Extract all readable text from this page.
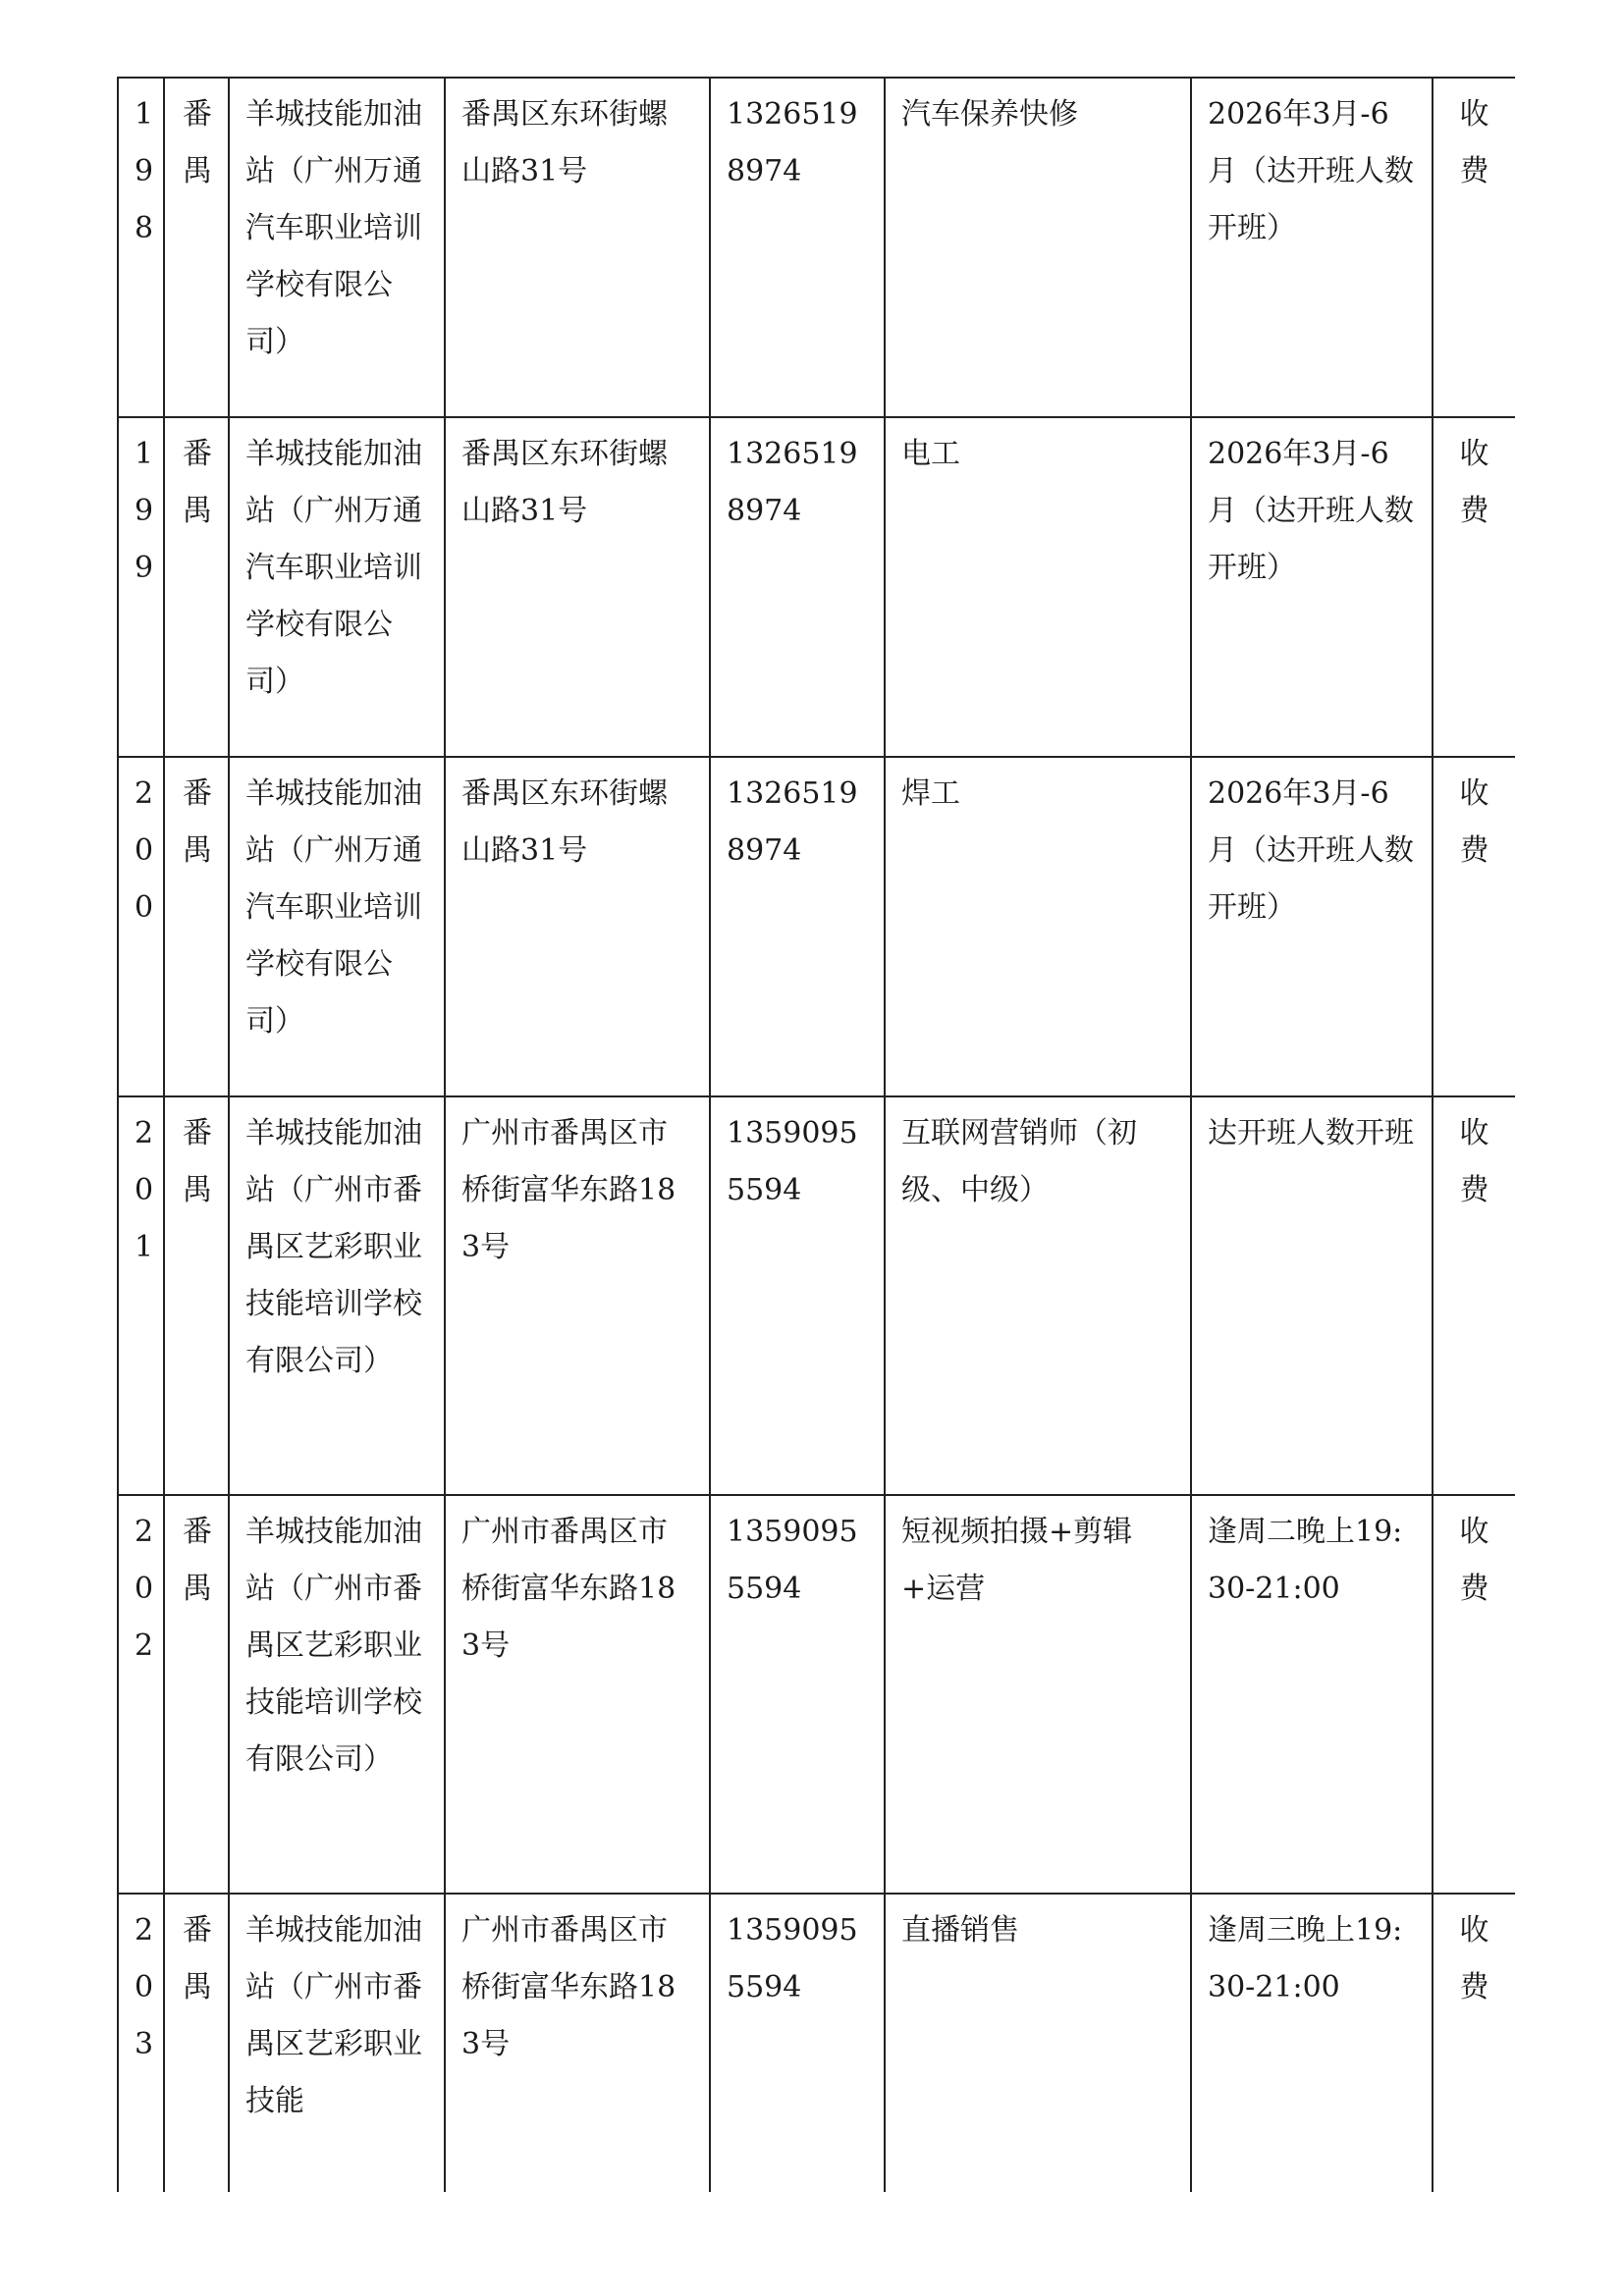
198	番禺	羊城技能加油站（广州万通汽车职业培训学校有限公司）	番禺区东环街螺山路31号	13265198974	汽车保养快修	2026年3月-6月（达开班人数开班）	收费
199	番禺	羊城技能加油站（广州万通汽车职业培训学校有限公司）	番禺区东环街螺山路31号	13265198974	电工	2026年3月-6月（达开班人数开班）	收费
200	番禺	羊城技能加油站（广州万通汽车职业培训学校有限公司）	番禺区东环街螺山路31号	13265198974	焊工	2026年3月-6月（达开班人数开班）	收费
201	番禺	羊城技能加油站（广州市番禺区艺彩职业技能培训学校有限公司）	广州市番禺区市桥街富华东路183号	13590955594	互联网营销师（初级、中级）	达开班人数开班	收费
202	番禺	羊城技能加油站（广州市番禺区艺彩职业技能培训学校有限公司）	广州市番禺区市桥街富华东路183号	13590955594	短视频拍摄+剪辑+运营	逢周二晚上19:30-21:00	收费
203	番禺	羊城技能加油站（广州市番禺区艺彩职业技能	广州市番禺区市桥街富华东路183号	13590955594	直播销售	逢周三晚上19:30-21:00	收费
